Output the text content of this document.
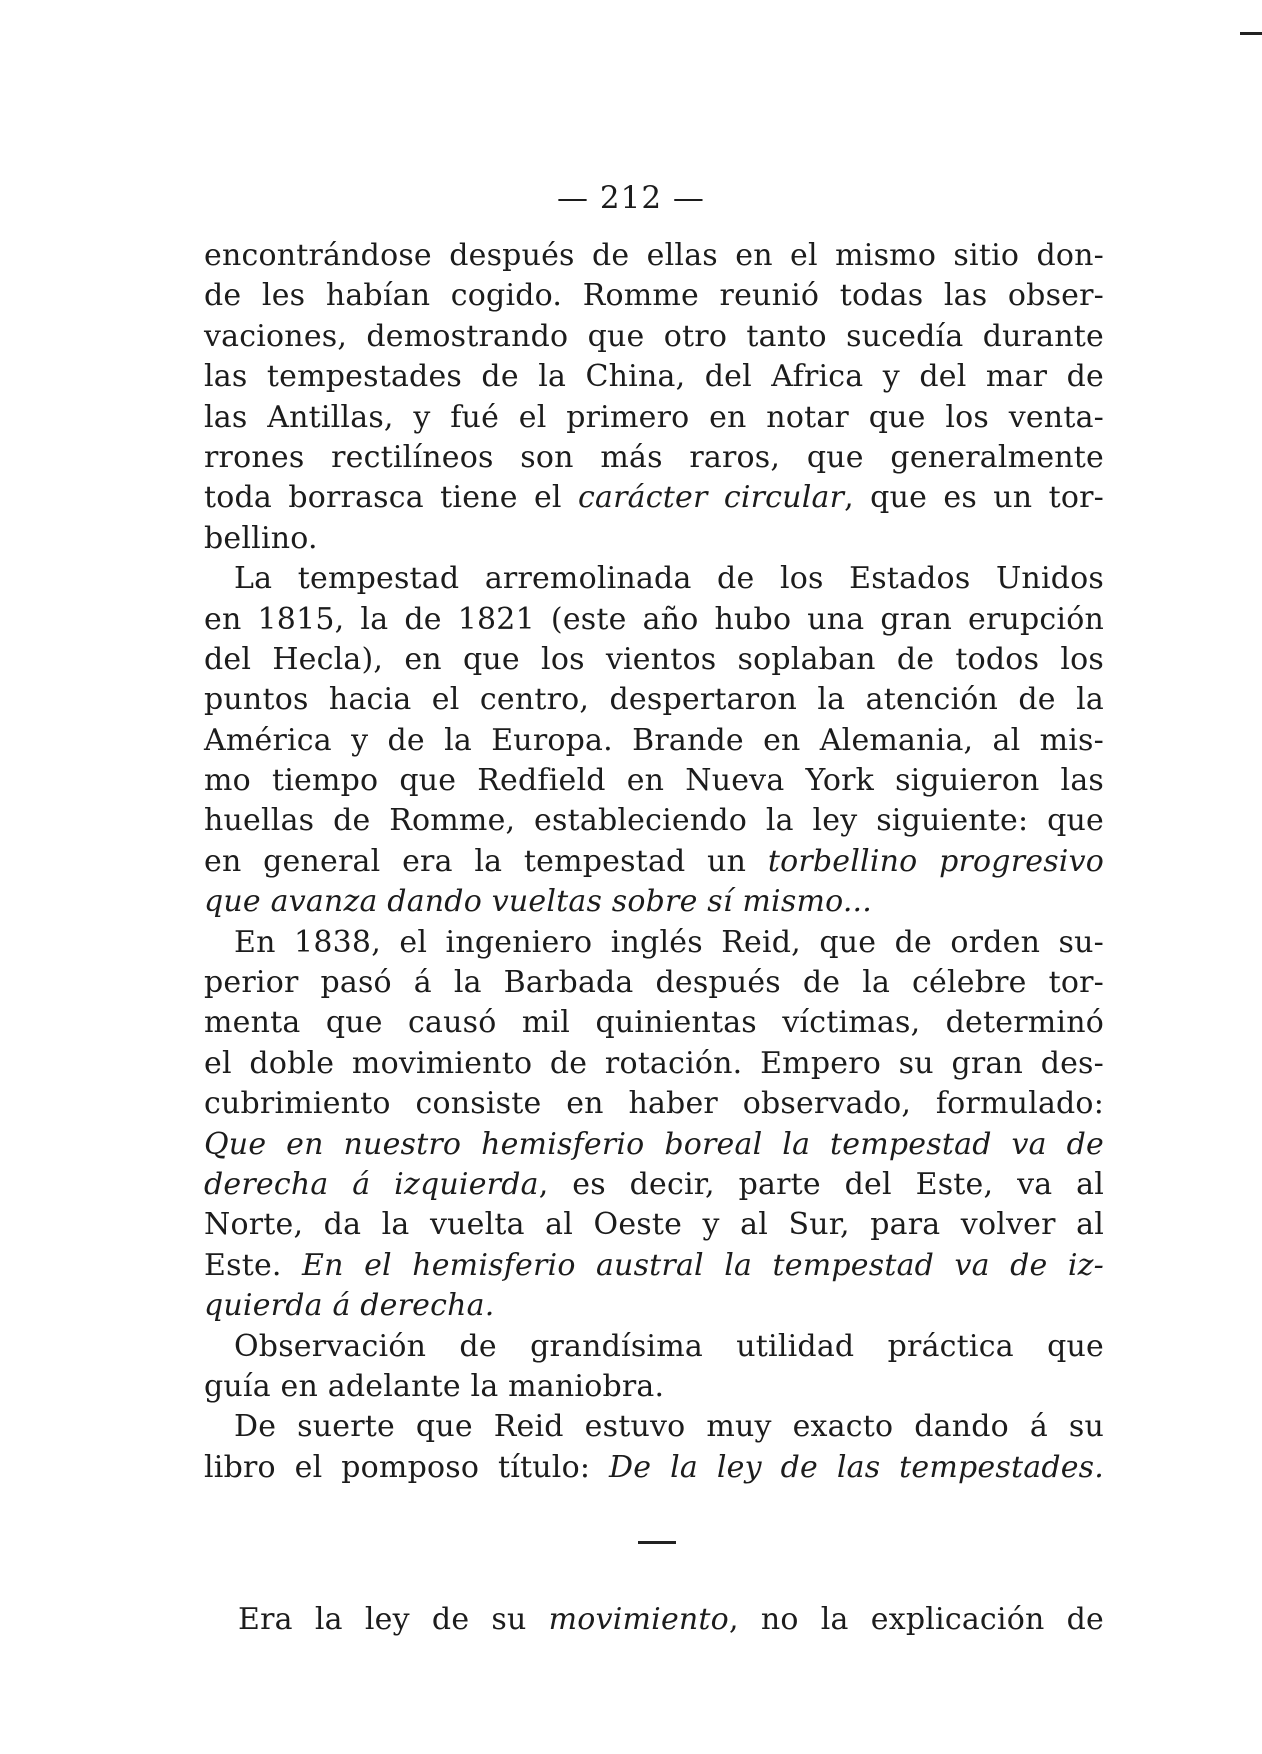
— 212 —
encontrándose después de ellas en el mismo sitio don-
de les habían cogido. Romme reunió todas las obser-
vaciones, demostrando que otro tanto sucedía durante
las tempestades de la China, del Africa y del mar de
las Antillas, y fué el primero en notar que los venta-
rrones rectilíneos son más raros, que generalmente
toda borrasca tiene el carácter circular, que es un tor-
bellino.
La tempestad arremolinada de los Estados Unidos
en 1815, la de 1821 (este año hubo una gran erupción
del Hecla), en que los vientos soplaban de todos los
puntos hacia el centro, despertaron la atención de la
América y de la Europa. Brande en Alemania, al mis-
mo tiempo que Redfield en Nueva York siguieron las
huellas de Romme, estableciendo la ley siguiente: que
en general era la tempestad un torbellino progresivo
que avanza dando vueltas sobre sí mismo...
En 1838, el ingeniero inglés Reid, que de orden su-
perior pasó á la Barbada después de la célebre tor-
menta que causó mil quinientas víctimas, determinó
el doble movimiento de rotación. Empero su gran des-
cubrimiento consiste en haber observado, formulado:
Que en nuestro hemisferio boreal la tempestad va de
derecha á izquierda, es decir, parte del Este, va al
Norte, da la vuelta al Oeste y al Sur, para volver al
Este. En el hemisferio austral la tempestad va de iz-
quierda á derecha.
Observación de grandísima utilidad práctica que
guía en adelante la maniobra.
De suerte que Reid estuvo muy exacto dando á su
libro el pomposo título: De la ley de las tempestades.
Era la ley de su movimiento, no la explicación de
